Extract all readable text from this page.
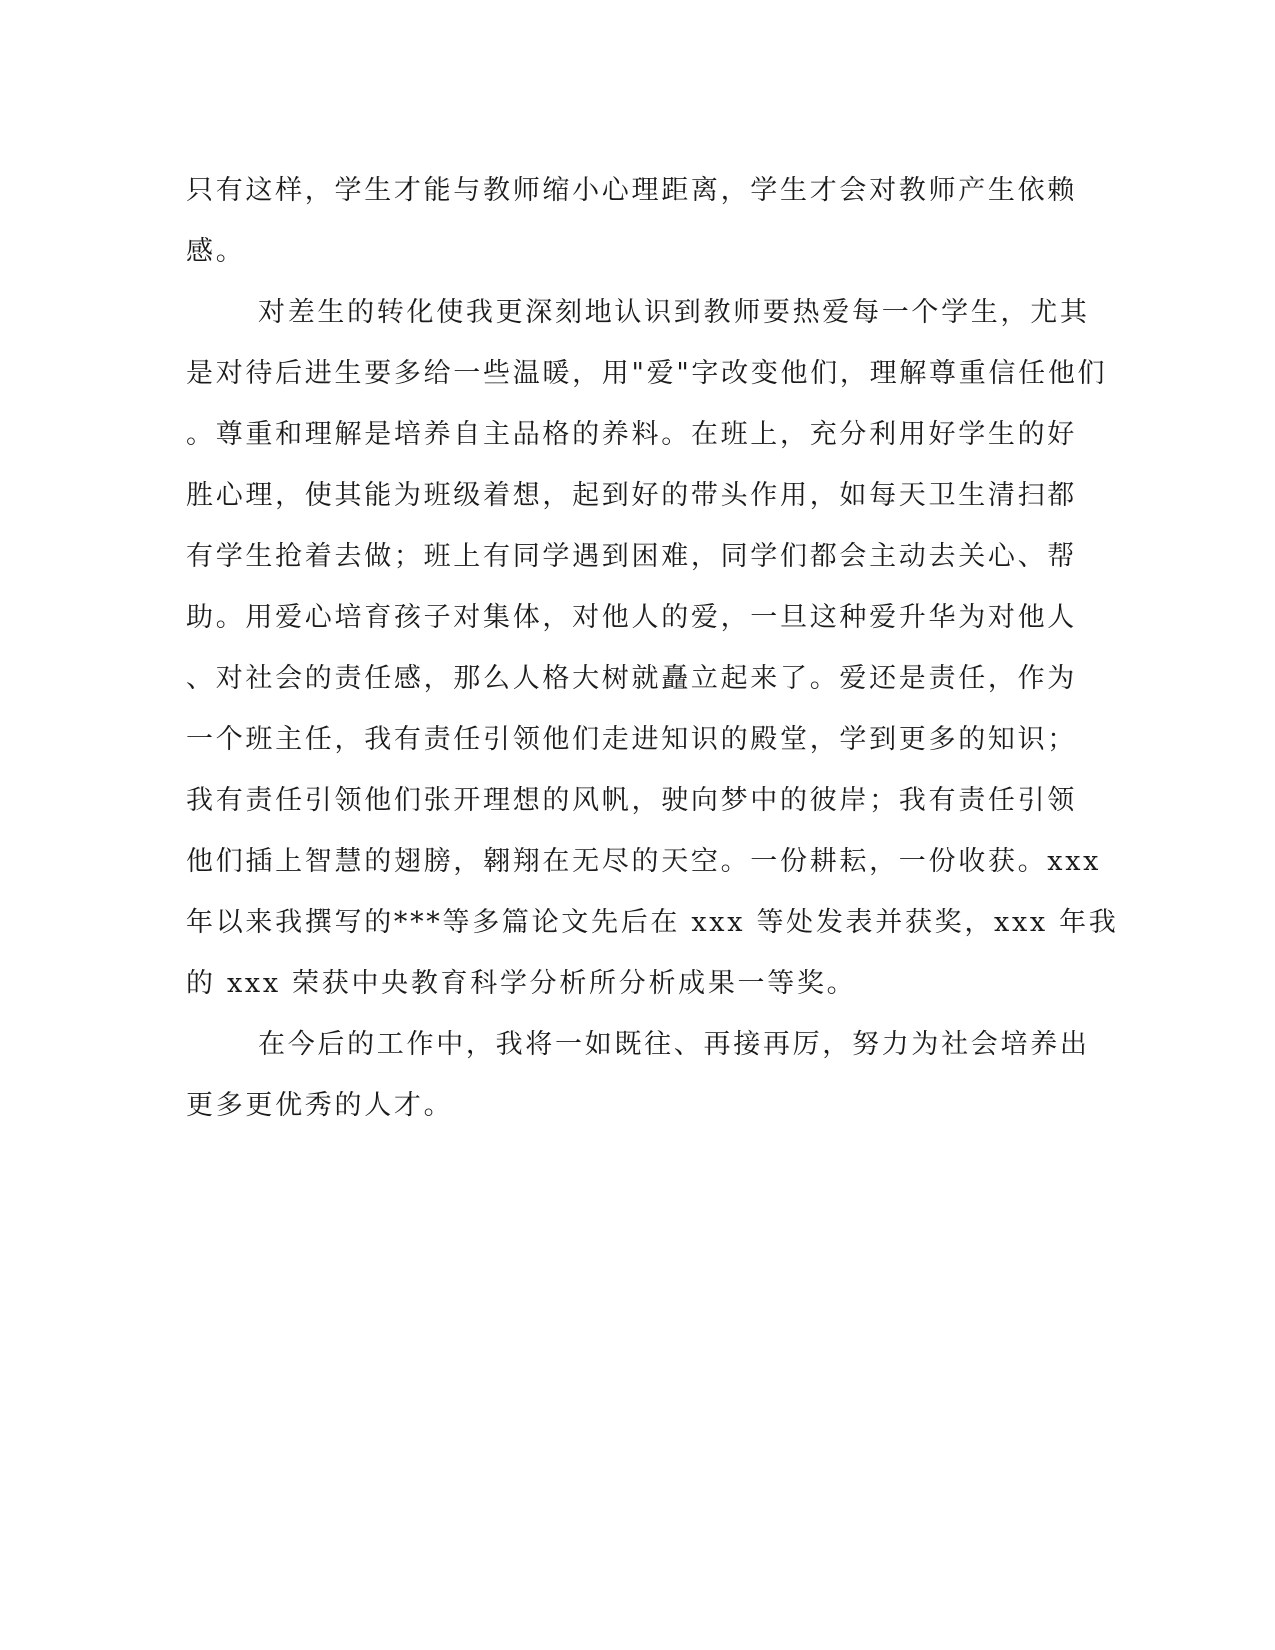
只有这样，学生才能与教师缩小心理距离，学生才会对教师产生依赖
感。
对差生的转化使我更深刻地认识到教师要热爱每一个学生，尤其
是对待后进生要多给一些温暖，用"爱"字改变他们，理解尊重信任他们
。尊重和理解是培养自主品格的养料。在班上，充分利用好学生的好
胜心理，使其能为班级着想，起到好的带头作用，如每天卫生清扫都
有学生抢着去做；班上有同学遇到困难，同学们都会主动去关心、帮
助。用爱心培育孩子对集体，对他人的爱，一旦这种爱升华为对他人
、对社会的责任感，那么人格大树就矗立起来了。爱还是责任，作为
一个班主任，我有责任引领他们走进知识的殿堂，学到更多的知识；
我有责任引领他们张开理想的风帆，驶向梦中的彼岸；我有责任引领
他们插上智慧的翅膀，翱翔在无尽的天空。一份耕耘，一份收获。xxx
年以来我撰写的***等多篇论文先后在 xxx 等处发表并获奖，xxx 年我
的 xxx 荣获中央教育科学分析所分析成果一等奖。
在今后的工作中，我将一如既往、再接再厉，努力为社会培养出
更多更优秀的人才。
